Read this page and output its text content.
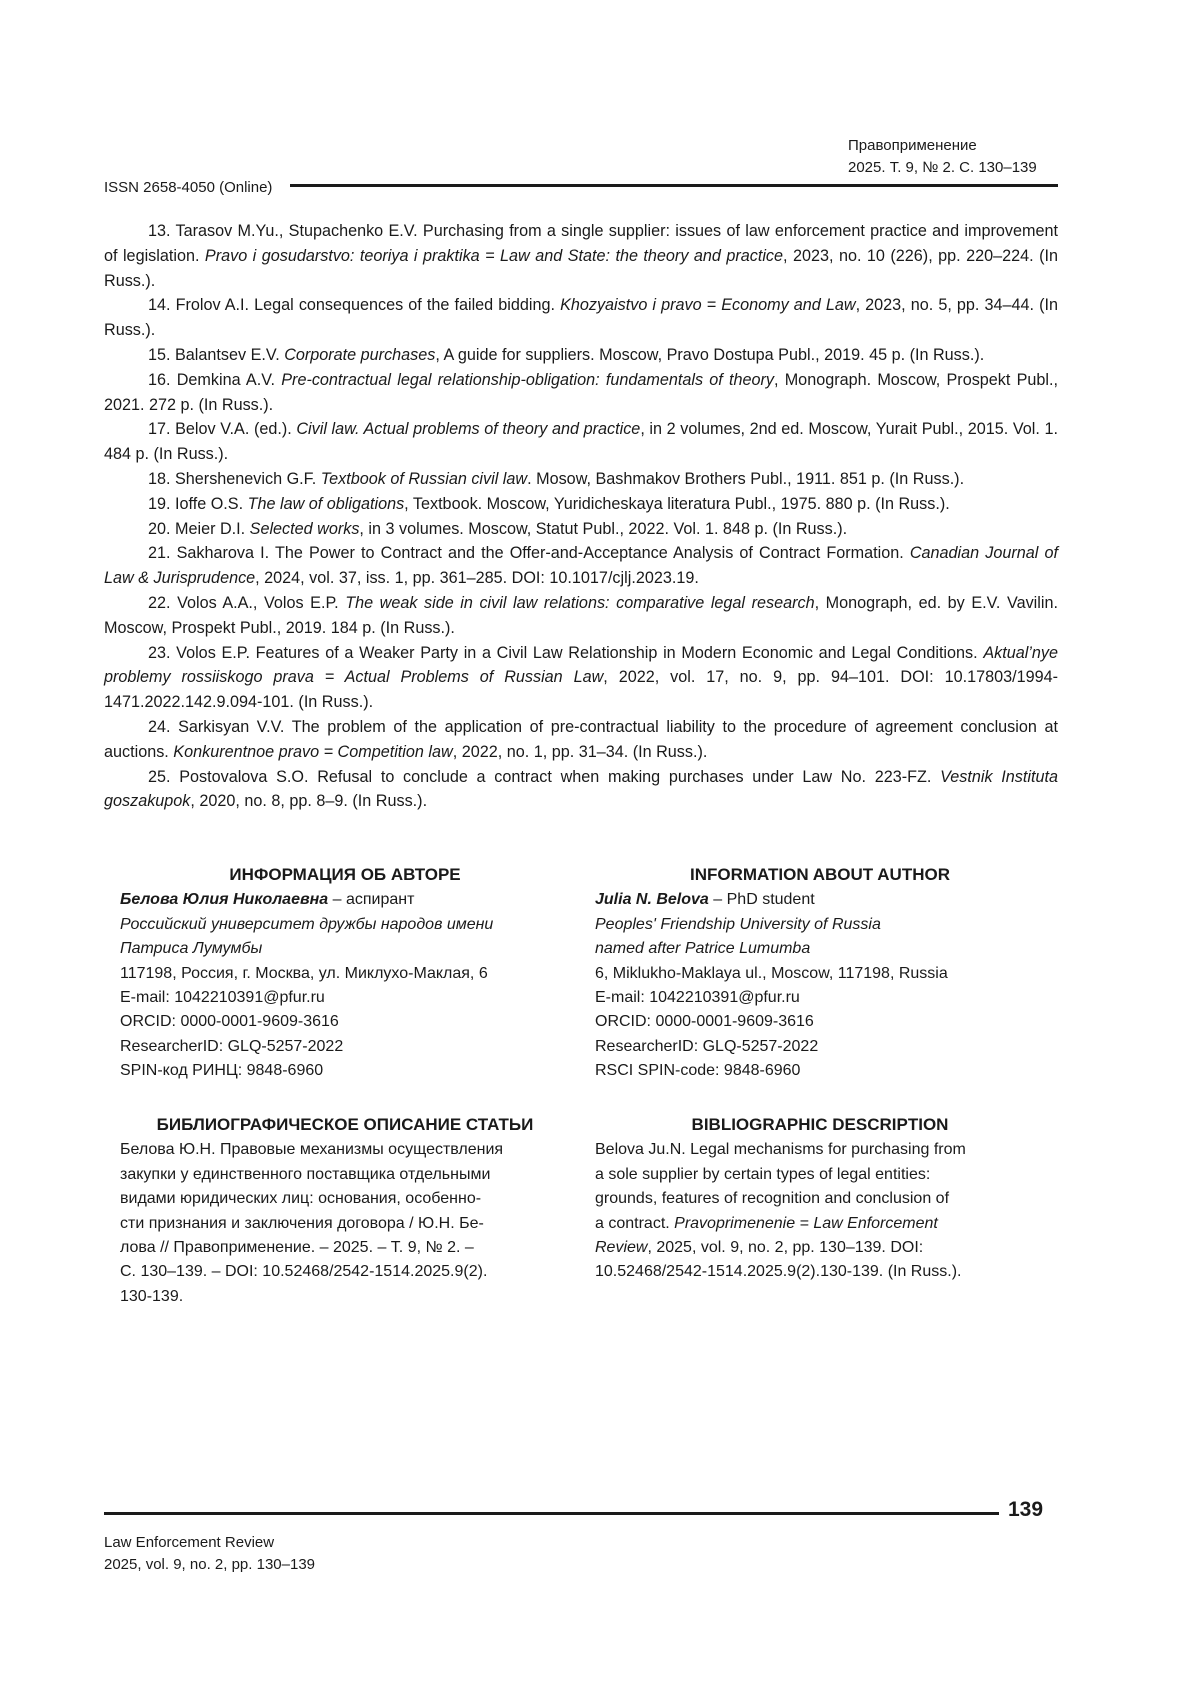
Правоприменение
2025. Т. 9, № 2. С. 130–139
ISSN 2658-4050 (Online)

13. Tarasov M.Yu., Stupachenko E.V. Purchasing from a single supplier: issues of law enforcement practice and improvement of legislation. Pravo i gosudarstvo: teoriya i praktika = Law and State: the theory and practice, 2023, no. 10 (226), pp. 220–224. (In Russ.).

14. Frolov A.I. Legal consequences of the failed bidding. Khozyaistvo i pravo = Economy and Law, 2023, no. 5, pp. 34–44. (In Russ.).

15. Balantsev E.V. Corporate purchases, A guide for suppliers. Moscow, Pravo Dostupa Publ., 2019. 45 p. (In Russ.).

16. Demkina A.V. Pre-contractual legal relationship-obligation: fundamentals of theory, Monograph. Moscow, Prospekt Publ., 2021. 272 p. (In Russ.).

17. Belov V.A. (ed.). Civil law. Actual problems of theory and practice, in 2 volumes, 2nd ed. Moscow, Yurait Publ., 2015. Vol. 1. 484 p. (In Russ.).

18. Shershenevich G.F. Textbook of Russian civil law. Mosow, Bashmakov Brothers Publ., 1911. 851 p. (In Russ.).

19. Ioffe O.S. The law of obligations, Textbook. Moscow, Yuridicheskaya literatura Publ., 1975. 880 p. (In Russ.).

20. Meier D.I. Selected works, in 3 volumes. Moscow, Statut Publ., 2022. Vol. 1. 848 p. (In Russ.).

21. Sakharova I. The Power to Contract and the Offer-and-Acceptance Analysis of Contract Formation. Canadian Journal of Law & Jurisprudence, 2024, vol. 37, iss. 1, pp. 361–285. DOI: 10.1017/cjlj.2023.19.

22. Volos A.A., Volos E.P. The weak side in civil law relations: comparative legal research, Monograph, ed. by E.V. Vavilin. Moscow, Prospekt Publ., 2019. 184 p. (In Russ.).

23. Volos E.P. Features of a Weaker Party in a Civil Law Relationship in Modern Economic and Legal Conditions. Aktual’nye problemy rossiiskogo prava = Actual Problems of Russian Law, 2022, vol. 17, no. 9, pp. 94–101. DOI: 10.17803/1994-1471.2022.142.9.094-101. (In Russ.).

24. Sarkisyan V.V. The problem of the application of pre-contractual liability to the procedure of agreement conclusion at auctions. Konkurentnoe pravo = Competition law, 2022, no. 1, pp. 31–34. (In Russ.).

25. Postovalova S.O. Refusal to conclude a contract when making purchases under Law No. 223-FZ. Vestnik Instituta goszakupok, 2020, no. 8, pp. 8–9. (In Russ.).

ИНФОРМАЦИЯ ОБ АВТОРЕ

Белова Юлия Николаевна – аспирант

Российский университет дружбы народов имени

Патриса Лумумбы

117198, Россия, г. Москва, ул. Миклухо-Маклая, 6

E-mail: 1042210391@pfur.ru

ORCID: 0000-0001-9609-3616

ResearcherID: GLQ-5257-2022

SPIN-код РИНЦ: 9848-6960

INFORMATION ABOUT AUTHOR

Julia N. Belova – PhD student

Peoples' Friendship University of Russia

named after Patrice Lumumba

6, Miklukho-Maklaya ul., Moscow, 117198, Russia

E-mail: 1042210391@pfur.ru

ORCID: 0000-0001-9609-3616

ResearcherID: GLQ-5257-2022

RSCI SPIN-code: 9848-6960

БИБЛИОГРАФИЧЕСКОЕ ОПИСАНИЕ СТАТЬИ

Белова Ю.Н. Правовые механизмы осуществления

закупки у единственного поставщика отдельными

видами юридических лиц: основания, особенно-

сти признания и заключения договора / Ю.Н. Бе-

лова // Правоприменение. – 2025. – Т. 9, № 2. –

С. 130–139. – DOI: 10.52468/2542-1514.2025.9(2).

130-139.

BIBLIOGRAPHIC DESCRIPTION

Belova Ju.N. Legal mechanisms for purchasing from

a sole supplier by certain types of legal entities:

grounds, features of recognition and conclusion of

a contract. Pravoprimenenie = Law Enforcement

Review, 2025, vol. 9, no. 2, pp. 130–139. DOI:

10.52468/2542-1514.2025.9(2).130-139. (In Russ.).

139
Law Enforcement Review
2025, vol. 9, no. 2, pp. 130–139
